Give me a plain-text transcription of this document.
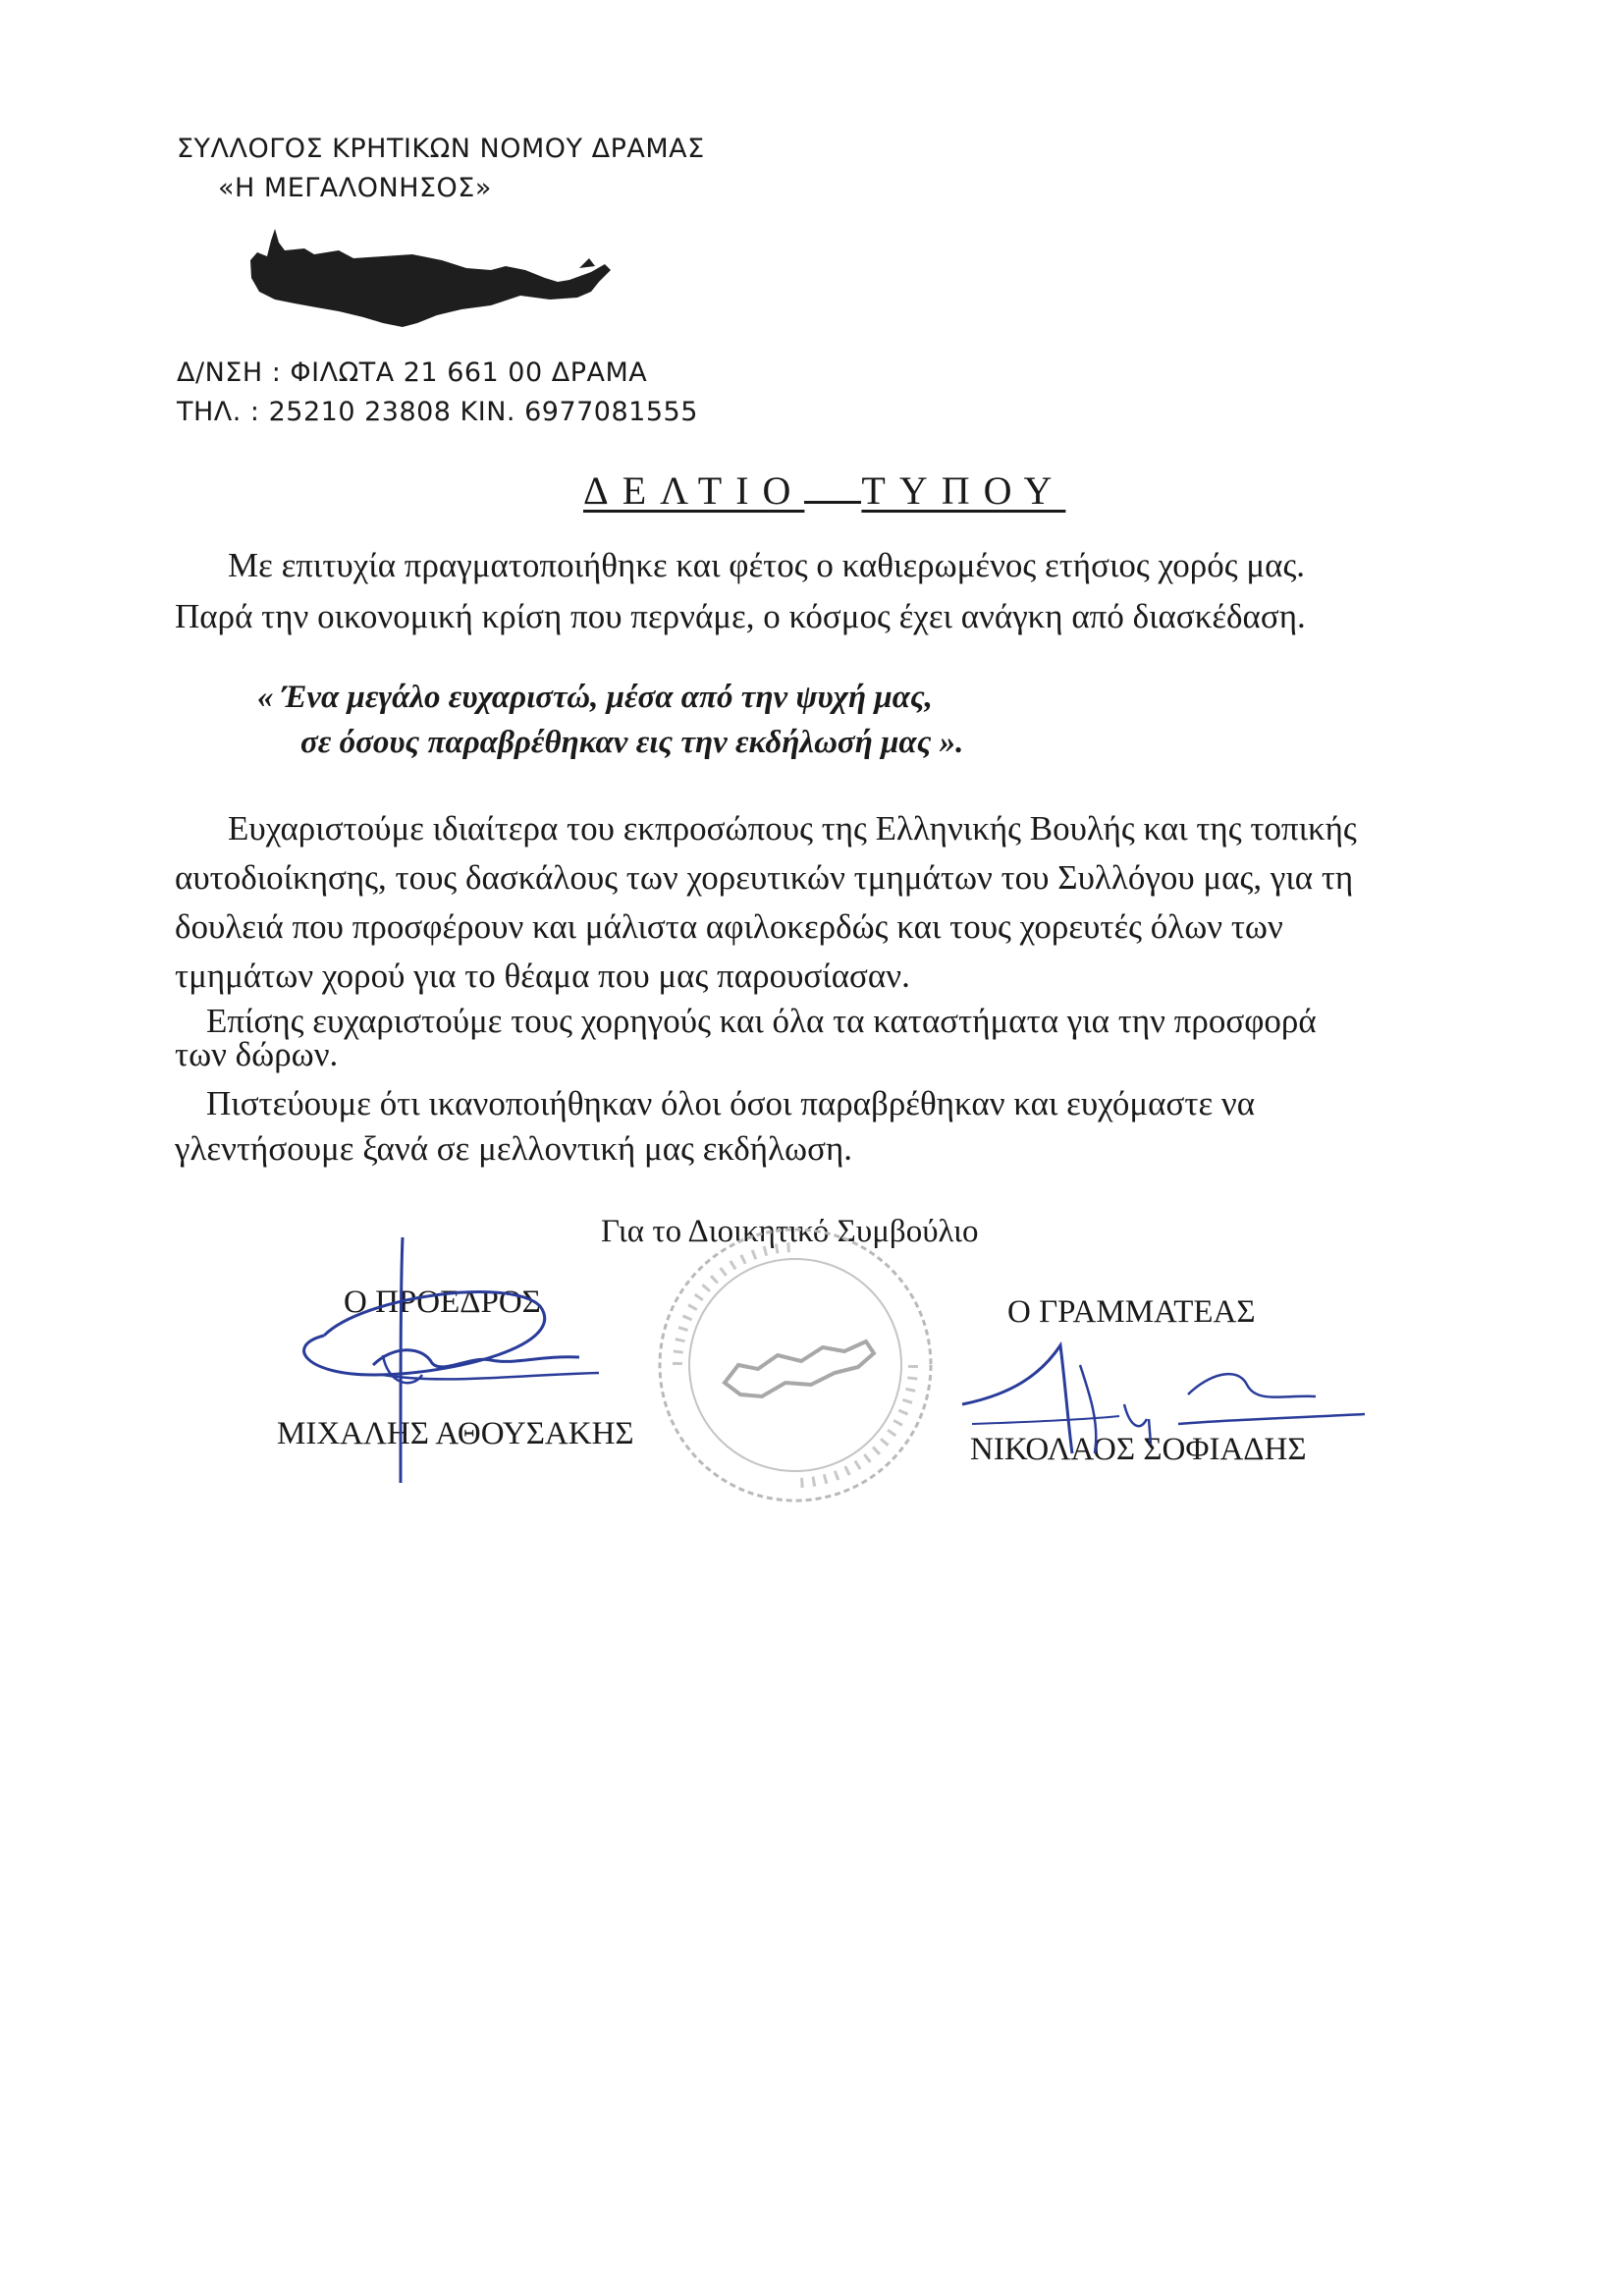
ΣΥΛΛΟΓΟΣ ΚΡΗΤΙΚΩΝ ΝΟΜΟΥ ΔΡΑΜΑΣ
«Η ΜΕΓΑΛΟΝΗΣΟΣ»
Δ/ΝΣΗ : ΦΙΛΩΤΑ 21 661 00 ΔΡΑΜΑ
ΤΗΛ. : 25210 23808 ΚΙΝ. 6977081555
ΔΕΛΤΙΟ ΤΥΠΟΥ
Με επιτυχία πραγματοποιήθηκε και φέτος ο καθιερωμένος ετήσιος χορός μας.
Παρά την οικονομική κρίση που περνάμε, ο κόσμος έχει ανάγκη από διασκέδαση.
« Ένα μεγάλο ευχαριστώ, μέσα από την ψυχή μας,
σε όσους παραβρέθηκαν εις την εκδήλωσή μας ».
Ευχαριστούμε ιδιαίτερα του εκπροσώπους της Ελληνικής Βουλής και της τοπικής
αυτοδιοίκησης, τους δασκάλους των χορευτικών τμημάτων του Συλλόγου μας, για τη
δουλειά που προσφέρουν και μάλιστα αφιλοκερδώς και τους χορευτές όλων των
τμημάτων χορού για το θέαμα που μας παρουσίασαν.
Επίσης ευχαριστούμε τους χορηγούς και όλα τα καταστήματα για την προσφορά
των δώρων.
Πιστεύουμε ότι ικανοποιήθηκαν όλοι όσοι παραβρέθηκαν και ευχόμαστε να
γλεντήσουμε ξανά σε μελλοντική μας εκδήλωση.
Για το Διοικητικό Συμβούλιο
Ο ΠΡΟΕΔΡΟΣ
ΜΙΧΑΛΗΣ ΑΘΟΥΣΑΚΗΣ
Ο ΓΡΑΜΜΑΤΕΑΣ
ΝΙΚΟΛΑΟΣ ΣΟΦΙΑΔΗΣ
